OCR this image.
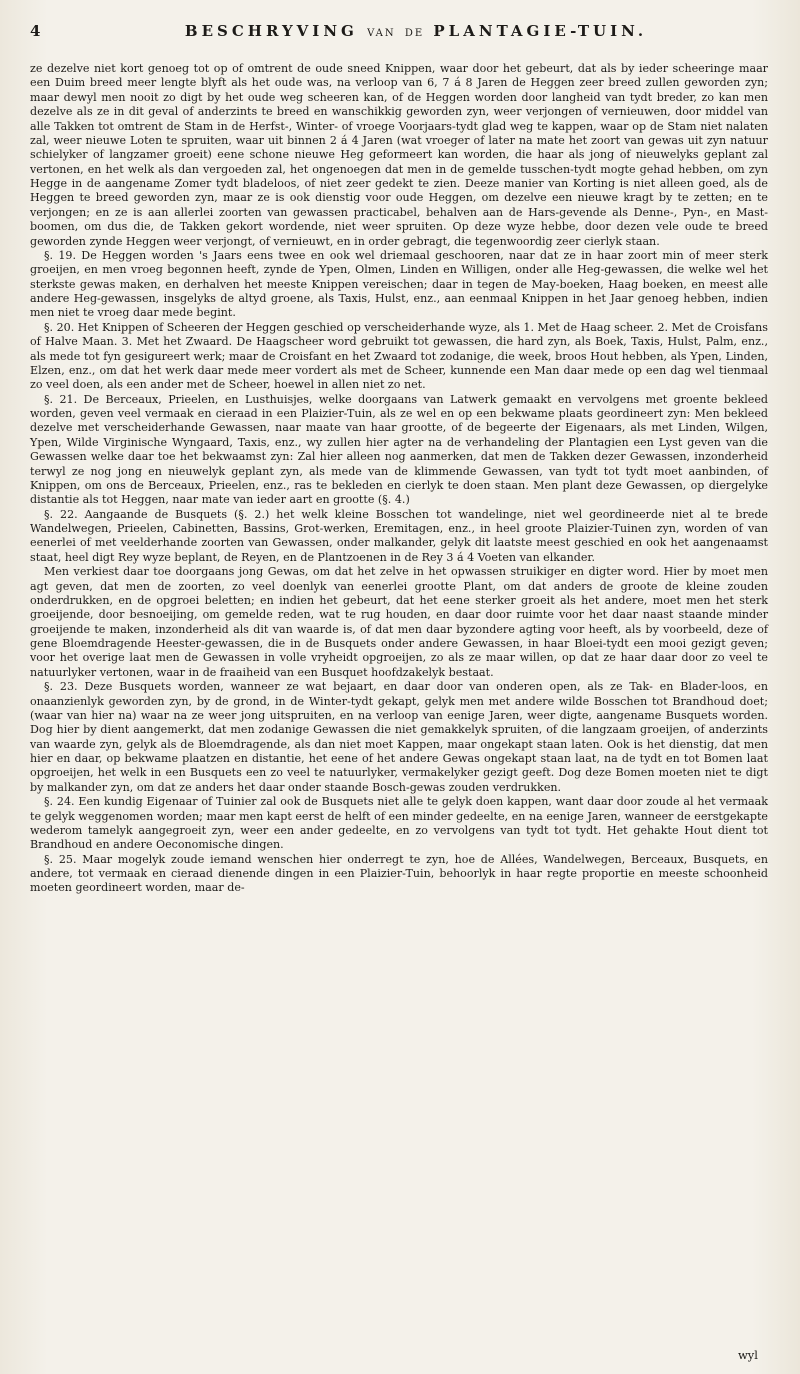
4	BESCHRYVING VAN DE PLANTAGIE-TUIN.

ze dezelve niet kort genoeg tot op of omtrent de oude sneed Knippen, waar door het gebeurt, dat als by ieder scheeringe maar een Duim breed meer lengte blyft als het oude was, na verloop van 6, 7 á 8 Jaren de Heggen zeer breed zullen geworden zyn; maar dewyl men nooit zo digt by het oude weg scheeren kan, of de Heggen worden door langheid van tydt breder, zo kan men dezelve als ze in dit geval of anderzints te breed en wanschikkig geworden zyn, weer verjongen of vernieuwen, door middel van alle Takken tot omtrent de Stam in de Herfst-, Winter- of vroege Voorjaars-tydt glad weg te kappen, waar op de Stam niet nalaten zal, weer nieuwe Loten te spruiten, waar uit binnen 2 á 4 Jaren (wat vroeger of later na mate het zoort van gewas uit zyn natuur schielyker of langzamer groeit) eene schone nieuwe Heg geformeert kan worden, die haar als jong of nieuwelyks geplant zal vertonen, en het welk als dan vergoeden zal, het ongenoegen dat men in de gemelde tusschen-tydt mogte gehad hebben, om zyn Hegge in de aangename Zomer tydt bladeloos, of niet zeer gedekt te zien. Deeze manier van Korting is niet alleen goed, als de Heggen te breed geworden zyn, maar ze is ook dienstig voor oude Heggen, om dezelve een nieuwe kragt by te zetten; en te verjongen; en ze is aan allerlei zoorten van gewassen practicabel, behalven aan de Hars-gevende als Denne-, Pyn-, en Mast-boomen, om dus die, de Takken gekort wordende, niet weer spruiten. Op deze wyze hebbe, door dezen vele oude te breed geworden zynde Heggen weer verjongt, of vernieuwt, en in order gebragt, die tegenwoordig zeer cierlyk staan.

§. 19. De Heggen worden 's Jaars eens twee en ook wel driemaal geschooren, naar dat ze in haar zoort min of meer sterk groeijen, en men vroeg begonnen heeft, zynde de Ypen, Olmen, Linden en Willigen, onder alle Heg-gewassen, die welke wel het sterkste gewas maken, en derhalven het meeste Knippen vereischen; daar in tegen de May-boeken, Haag boeken, en meest alle andere Heg-gewassen, insgelyks de altyd groene, als Taxis, Hulst, enz., aan eenmaal Knippen in het Jaar genoeg hebben, indien men niet te vroeg daar mede begint.

§. 20. Het Knippen of Scheeren der Heggen geschied op verscheiderhande wyze, als 1. Met de Haag scheer. 2. Met de Croisfans of Halve Maan. 3. Met het Zwaard. De Haagscheer word gebruikt tot gewassen, die hard zyn, als Boek, Taxis, Hulst, Palm, enz., als mede tot fyn gesigureert werk; maar de Croisfant en het Zwaard tot zodanige, die week, broos Hout hebben, als Ypen, Linden, Elzen, enz., om dat het werk daar mede meer vordert als met de Scheer, kunnende een Man daar mede op een dag wel tienmaal zo veel doen, als een ander met de Scheer, hoewel in allen niet zo net.

§. 21. De Berceaux, Prieelen, en Lusthuisjes, welke doorgaans van Latwerk gemaakt en vervolgens met groente bekleed worden, geven veel vermaak en cieraad in een Plaizier-Tuin, als ze wel en op een bekwame plaats geordineert zyn: Men bekleed dezelve met verscheiderhande Gewassen, naar maate van haar grootte, of de begeerte der Eigenaars, als met Linden, Wilgen, Ypen, Wilde Virginische Wyngaard, Taxis, enz., wy zullen hier agter na de verhandeling der Plantagien een Lyst geven van die Gewassen welke daar toe het bekwaamst zyn: Zal hier alleen nog aanmerken, dat men de Takken dezer Gewassen, inzonderheid terwyl ze nog jong en nieuwelyk geplant zyn, als mede van de klimmende Gewassen, van tydt tot tydt moet aanbinden, of Knippen, om ons de Berceaux, Prieelen, enz., ras te bekleden en cierlyk te doen staan. Men plant deze Gewassen, op diergelyke distantie als tot Heggen, naar mate van ieder aart en grootte (§. 4.)

§. 22. Aangaande de Busquets (§. 2.) het welk kleine Bosschen tot wandelinge, niet wel geordineerde niet al te brede Wandelwegen, Prieelen, Cabinetten, Bassins, Grot-werken, Eremitagen, enz., in heel groote Plaizier-Tuinen zyn, worden of van eenerlei of met veelderhande zoorten van Gewassen, onder malkander, gelyk dit laatste meest geschied en ook het aangenaamst staat, heel digt Rey wyze beplant, de Reyen, en de Plantzoenen in de Rey 3 á 4 Voeten van elkander.

Men verkiest daar toe doorgaans jong Gewas, om dat het zelve in het opwassen struikiger en digter word. Hier by moet men agt geven, dat men de zoorten, zo veel doenlyk van eenerlei grootte Plant, om dat anders de groote de kleine zouden onderdrukken, en de opgroei beletten; en indien het gebeurt, dat het eene sterker groeit als het andere, moet men het sterk groeijende, door besnoeijing, om gemelde reden, wat te rug houden, en daar door ruimte voor het daar naast staande minder groeijende te maken, inzonderheid als dit van waarde is, of dat men daar byzondere agting voor heeft, als by voorbeeld, deze of gene Bloemdragende Heester-gewassen, die in de Busquets onder andere Gewassen, in haar Bloei-tydt een mooi gezigt geven; voor het overige laat men de Gewassen in volle vryheidt opgroeijen, zo als ze maar willen, op dat ze haar daar door zo veel te natuurlyker vertonen, waar in de fraaiheid van een Busquet hoofdzakelyk bestaat.

§. 23. Deze Busquets worden, wanneer ze wat bejaart, en daar door van onderen open, als ze Tak- en Blader-loos, en onaanzienlyk geworden zyn, by de grond, in de Winter-tydt gekapt, gelyk men met andere wilde Bosschen tot Brandhoud doet; (waar van hier na) waar na ze weer jong uitspruiten, en na verloop van eenige Jaren, weer digte, aangename Busquets worden. Dog hier by dient aangemerkt, dat men zodanige Gewassen die niet gemakkelyk spruiten, of die langzaam groeijen, of anderzints van waarde zyn, gelyk als de Bloemdragende, als dan niet moet Kappen, maar ongekapt staan laten. Ook is het dienstig, dat men hier en daar, op bekwame plaatzen en distantie, het eene of het andere Gewas ongekapt staan laat, na de tydt en tot Bomen laat opgroeijen, het welk in een Busquets een zo veel te natuurlyker, vermakelyker gezigt geeft. Dog deze Bomen moeten niet te digt by malkander zyn, om dat ze anders het daar onder staande Bosch-gewas zouden verdrukken.

§. 24. Een kundig Eigenaar of Tuinier zal ook de Busquets niet alle te gelyk doen kappen, want daar door zoude al het vermaak te gelyk weggenomen worden; maar men kapt eerst de helft of een minder gedeelte, en na eenige Jaren, wanneer de eerstgekapte wederom tamelyk aangegroeit zyn, weer een ander gedeelte, en zo vervolgens van tydt tot tydt. Het gehakte Hout dient tot Brandhoud en andere Oeconomische dingen.

§. 25. Maar mogelyk zoude iemand wenschen hier onderregt te zyn, hoe de Allées, Wandelwegen, Berceaux, Busquets, en andere, tot vermaak en cieraad dienende dingen in een Plaizier-Tuin, behoorlyk in haar regte proportie en meeste schoonheid moeten geordineert worden, maar de-

wyl
